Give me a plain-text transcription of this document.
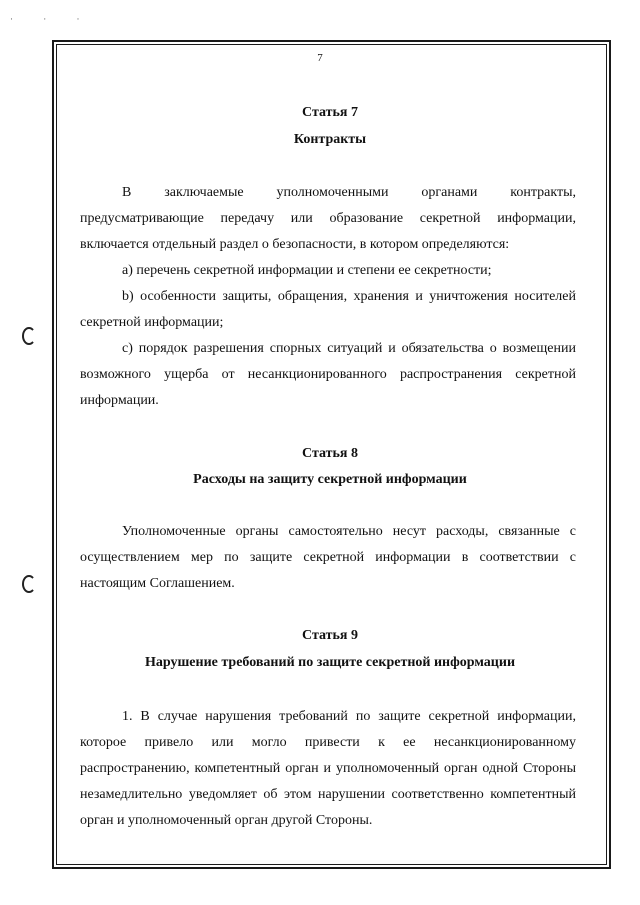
· · ·
7
Статья 7
Контракты

В заключаемые уполномоченными органами контракты, предусматривающие передачу или образование секретной информации, включается отдельный раздел о безопасности, в котором определяются:

a) перечень секретной информации и степени ее секретности;

b) особенности защиты, обращения, хранения и уничтожения носителей секретной информации;

c) порядок разрешения спорных ситуаций и обязательства о возмещении возможного ущерба от несанкционированного распространения секретной информации.

Статья 8
Расходы на защиту секретной информации

Уполномоченные органы самостоятельно несут расходы, связанные с осуществлением мер по защите секретной информации в соответствии с настоящим Соглашением.

Статья 9
Нарушение требований по защите секретной информации

1. В случае нарушения требований по защите секретной информации, которое привело или могло привести к ее несанкционированному распространению, компетентный орган и уполномоченный орган одной Стороны незамедлительно уведомляет об этом нарушении соответственно компетентный орган и уполномоченный орган другой Стороны.
